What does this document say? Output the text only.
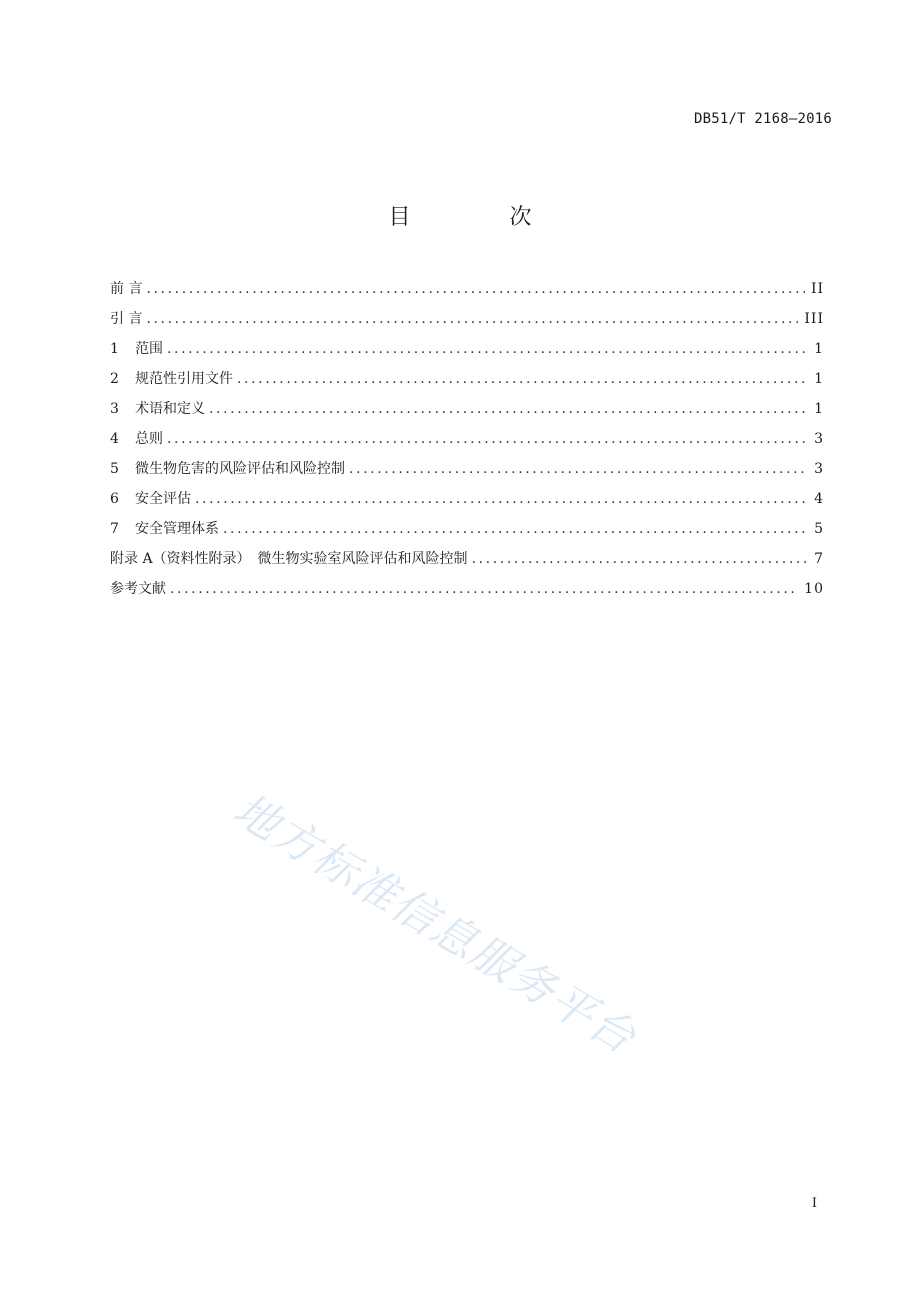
DB51/T 2168—2016
目 次
前 言 .....	II
引 言 .....	III
1	范围 .....	1
2	规范性引用文件 .....	1
3	术语和定义 .....	1
4	总则 .....	3
5	微生物危害的风险评估和风险控制 .....	3
6	安全评估 .....	4
7	安全管理体系 .....	5
附录 A（资料性附录）　微生物实验室风险评估和风险控制 .....	7
参考文献 .....	10
地方标准信息服务平台
I
